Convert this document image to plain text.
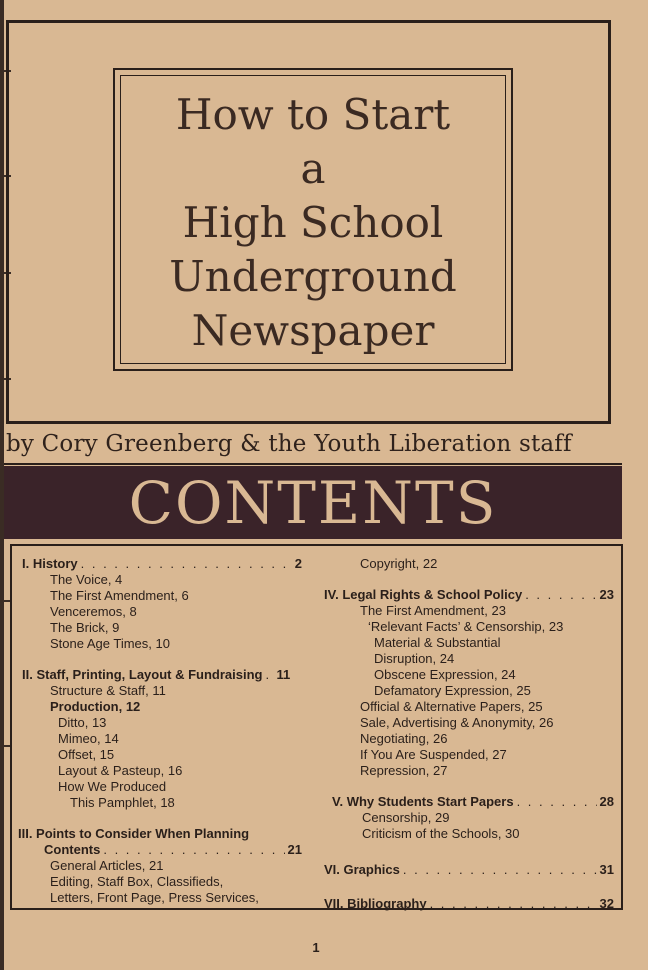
How to Start
a
High School
Underground
Newspaper
by Cory Greenberg & the Youth Liberation staff
CONTENTS
I. History . . .	2
The Voice, 4
The First Amendment, 6
Venceremos, 8
The Brick, 9
Stone Age Times, 10
II. Staff, Printing, Layout & Fundraising . . . 11
Structure & Staff, 11
Production, 12
Ditto, 13
Mimeo, 14
Offset, 15
Layout & Pasteup, 16
How We Produced
This Pamphlet, 18
III. Points to Consider When Planning
Contents . . .	21
General Articles, 21
Editing, Staff Box, Classifieds,
Letters, Front Page, Press Services,
Copyright, 22
IV. Legal Rights & School Policy . . .	23
The First Amendment, 23
‘Relevant Facts’ & Censorship, 23
Material & Substantial
Disruption, 24
Obscene Expression, 24
Defamatory Expression, 25
Official & Alternative Papers, 25
Sale, Advertising & Anonymity, 26
Negotiating, 26
If You Are Suspended, 27
Repression, 27
V. Why Students Start Papers . . .	28
Censorship, 29
Criticism of the Schools, 30
VI. Graphics . . .	31
VII. Bibliography . . .	32
1
